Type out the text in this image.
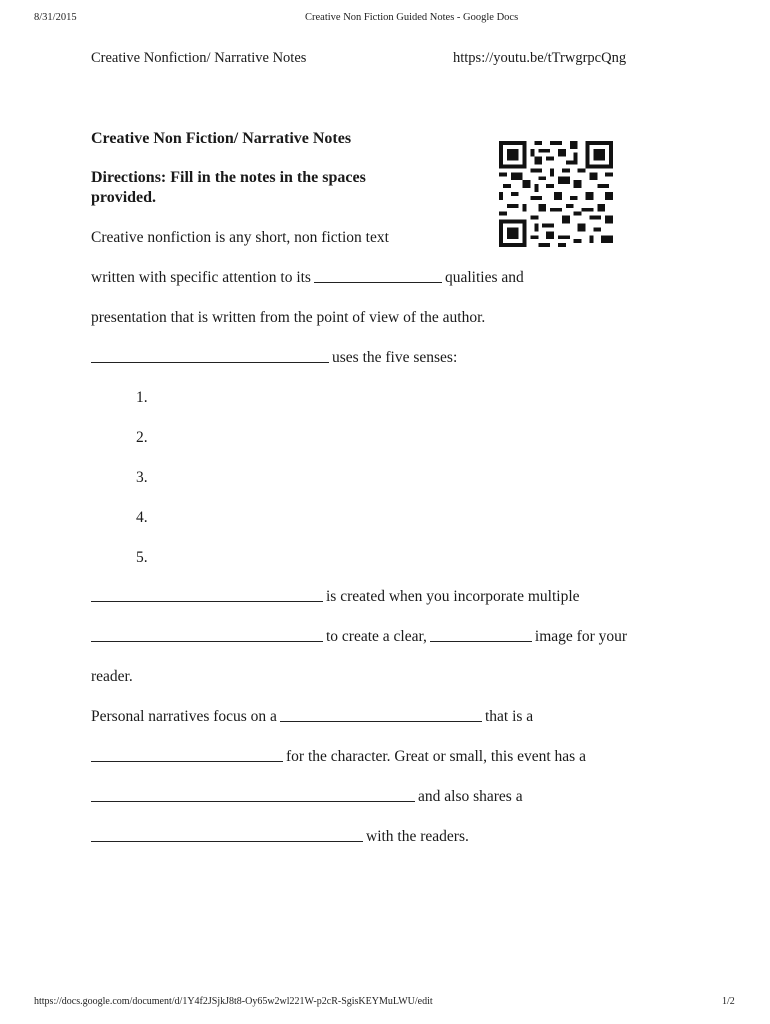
8/31/2015	Creative Non Fiction Guided Notes - Google Docs
Creative Nonfiction/ Narrative Notes	https://youtu.be/tTrwgrpcQng
Creative Non Fiction/ Narrative Notes
Directions: Fill in the notes in the spaces
provided.
Creative nonfiction is any short, non fiction text
written with specific attention to its	qualities and
presentation that is written from the point of view of the author.
uses the five senses:
1.
2.
3.
4.
5.
is created when you incorporate multiple
to create a clear,	image for your
reader.
Personal narratives focus on a	that is a
for the character. Great or small, this event has a
and also shares a
with the readers.
https://docs.google.com/document/d/1Y4f2JSjkJ8t8-Oy65w2wl221W-p2cR-SgisKEYMuLWU/edit	1/2
